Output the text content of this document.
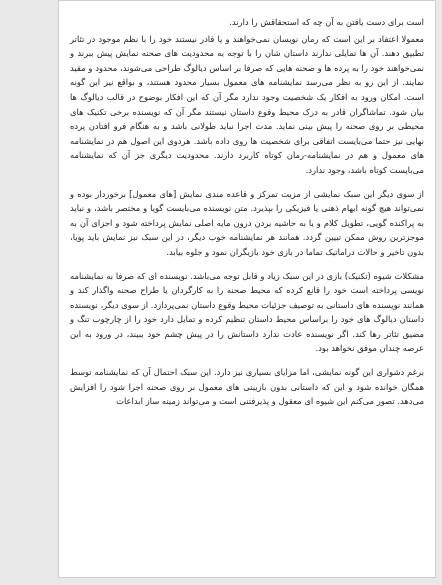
است برای دست یافتن به آن چه که استحقاقش را دارند.

معمولا اعتقاد بر این است که رمان نویسان نمی‌خواهند و یا قادر نیستند خود را با نظم موجود در تئاتر تطبیق دهند. آن ها تمایلی ندارند داستان شان را با توجه به محدودیت های صحنه نمایش پیش ببرند و نمی‌خواهند خود را به پرده ها و صحنه هایی که صرفا بر اساس دیالوگ طراحی می‌شوند، محدود و مقید نمایند. از این رو به نظر می‌رسد نمایشنامه های معمول بسیار محدود هستند، و بواقع نیز این گونه است. امکان ورود به افکار یک شخصیت وجود ندارد مگر آن که این افکار بوضوح در قالب دیالوگ ها بیان شود. تماشاگران قادر به درک محیط وقوع داستان نیستند مگر آن که نویسنده برخی تکنیک های محیطی بر روی صحنه را پیش بینی نماید. مدت اجرا نباید طولانی باشد و به هنگام فرو افتادن پرده نهایی نیز حتما می‌بایست اتفاقی برای شخصیت ها روی داده باشد. هردوی این اصول هم در نمایشنامه های معمول و هم در نمایشنامه-رمان کوتاه کاربرد دارند. محدودیت دیگری جز آن که نمایشنامه می‌بایست کوتاه باشد، وجود ندارد.

از سوی دیگر این سبک نمایشی از مزیت تمرکز و قاعده مندی نمایش [های معمول] برخوردار بوده و نمی‌تواند هیچ گونه ابهام ذهنی یا فیزیکی را بپذیرد. متن نویسنده می‌بایست گویا و مختصر باشد، و نباید به پراکنده گویی، تطویل کلام و یا به حاشیه بردن درون مایه اصلی نمایش پرداخته شود و اجزای آن به موجزترین روش ممکن تبیین گردد. همانند هر نمایشنامه خوب دیگر، در این سبک نیز نمایش باید پویا، بدون تاخیر و حالات دراماتیک تماما در بازی خود بازیگران نمود و جلوه بیابد.

مشکلات شیوه (تکنیک) بازی در این سبک زیاد و قابل توجه می‌باشد. نویسنده ای که صرفا به نمایشنامه نویسی پرداخته است خود را قانع کرده که محیط صحنه را به کارگردان یا طراح صحنه واگذار کند و همانند نویسنده های داستانی به توصیف جزئیات محیط وقوع داستان نمی‌پردازد. از سوی دیگر، نویسنده داستان دیالوگ های خود را براساس محیط داستان تنظیم کرده و تمایل دارد خود را از چارچوب تنگ و مضیق تئاتر رها کند. اگر نویسنده عادت ندارد داستانش را در پیش چشم خود ببیند، در ورود به این عرصه چندان موفق نخواهد بود.

برغم دشواری این گونه نمایشی، اما مزایای بسیاری نیز دارد. این سبک احتمال آن که نمایشنامه توسط همگان خوانده شود و این که داستانی بدون بازیبنی های معمول بر روی صحنه اجرا شود را افزایش می‌دهد. تصور می‌کنم این شیوه ای معقول و پذیرفتنی است و می‌تواند زمینه ساز ابداعات
